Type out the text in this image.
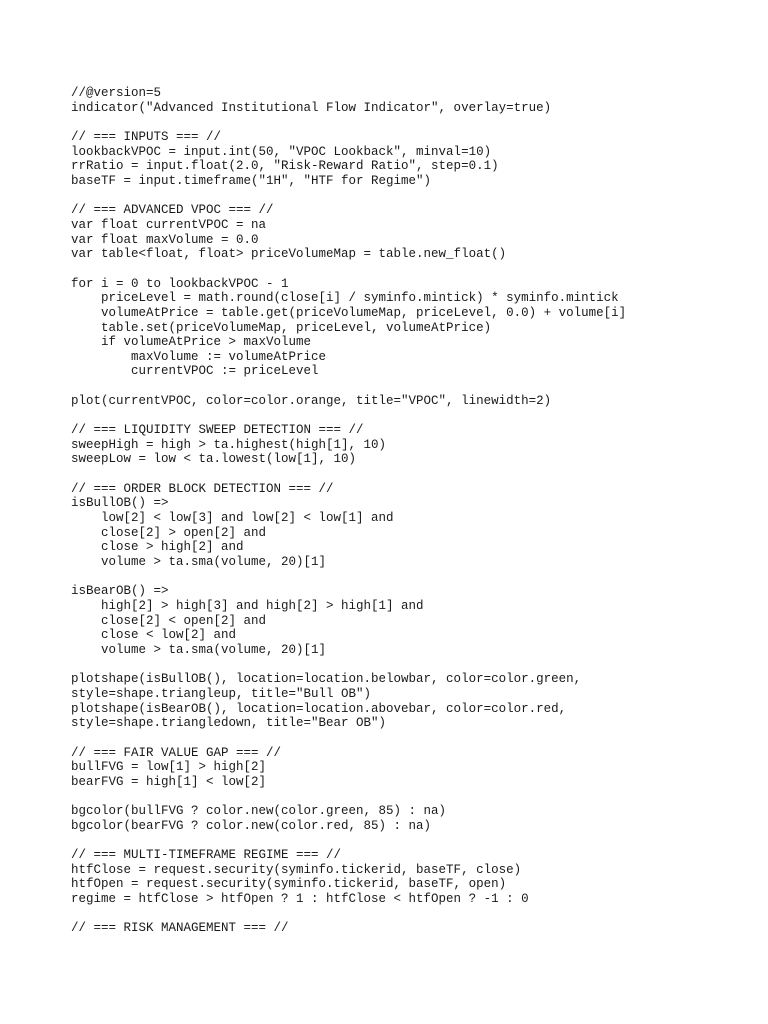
//@version=5
indicator("Advanced Institutional Flow Indicator", overlay=true)
// === INPUTS === //
lookbackVPOC = input.int(50, "VPOC Lookback", minval=10)
rrRatio = input.float(2.0, "Risk-Reward Ratio", step=0.1)
baseTF = input.timeframe("1H", "HTF for Regime")
// === ADVANCED VPOC === //
var float currentVPOC = na
var float maxVolume = 0.0
var table<float, float> priceVolumeMap = table.new_float()
for i = 0 to lookbackVPOC - 1
priceLevel = math.round(close[i] / syminfo.mintick) * syminfo.mintick
volumeAtPrice = table.get(priceVolumeMap, priceLevel, 0.0) + volume[i]
table.set(priceVolumeMap, priceLevel, volumeAtPrice)
if volumeAtPrice > maxVolume
maxVolume := volumeAtPrice
currentVPOC := priceLevel
plot(currentVPOC, color=color.orange, title="VPOC", linewidth=2)
// === LIQUIDITY SWEEP DETECTION === //
sweepHigh = high > ta.highest(high[1], 10)
sweepLow = low < ta.lowest(low[1], 10)
// === ORDER BLOCK DETECTION === //
isBullOB() =>
low[2] < low[3] and low[2] < low[1] and
close[2] > open[2] and
close > high[2] and
volume > ta.sma(volume, 20)[1]
isBearOB() =>
high[2] > high[3] and high[2] > high[1] and
close[2] < open[2] and
close < low[2] and
volume > ta.sma(volume, 20)[1]
plotshape(isBullOB(), location=location.belowbar, color=color.green,
style=shape.triangleup, title="Bull OB")
plotshape(isBearOB(), location=location.abovebar, color=color.red,
style=shape.triangledown, title="Bear OB")
// === FAIR VALUE GAP === //
bullFVG = low[1] > high[2]
bearFVG = high[1] < low[2]
bgcolor(bullFVG ? color.new(color.green, 85) : na)
bgcolor(bearFVG ? color.new(color.red, 85) : na)
// === MULTI-TIMEFRAME REGIME === //
htfClose = request.security(syminfo.tickerid, baseTF, close)
htfOpen = request.security(syminfo.tickerid, baseTF, open)
regime = htfClose > htfOpen ? 1 : htfClose < htfOpen ? -1 : 0
// === RISK MANAGEMENT === //
